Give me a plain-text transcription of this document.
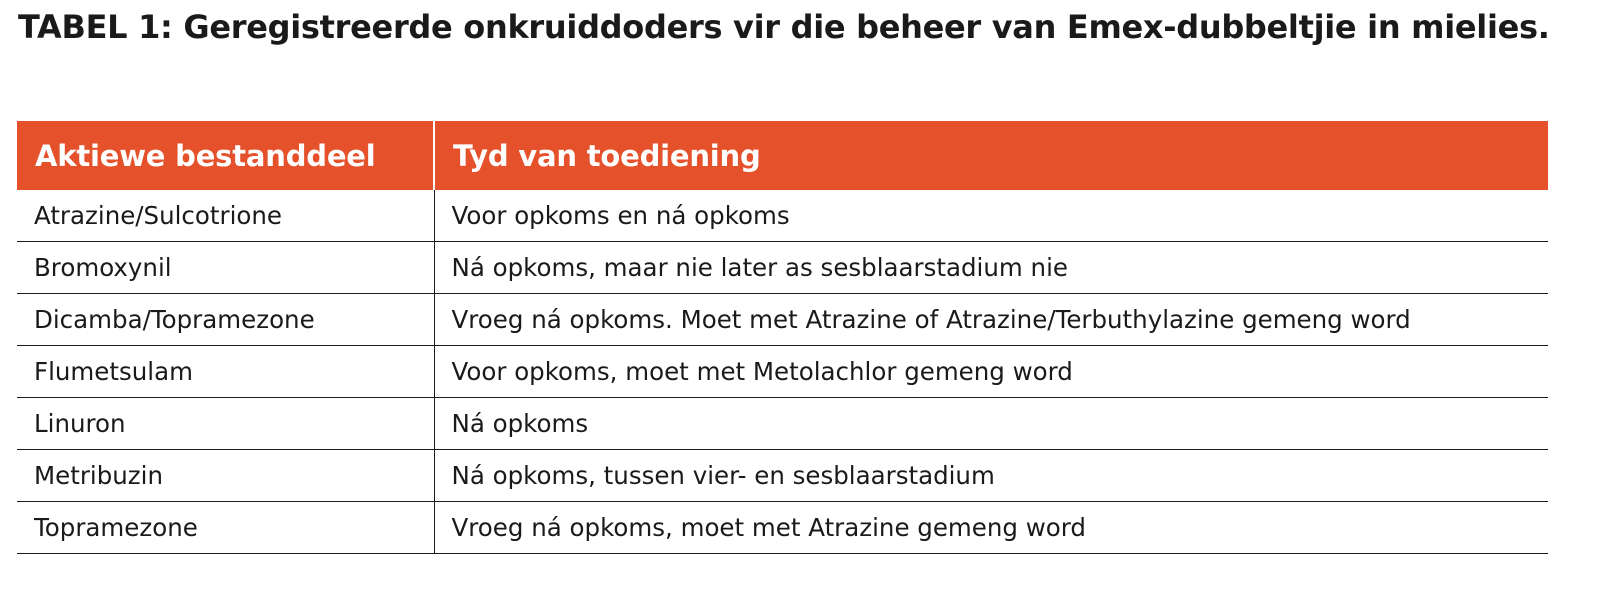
TABEL 1: Geregistreerde onkruiddoders vir die beheer van Emex-dubbeltjie in mielies.
Aktiewe bestanddeel	Tyd van toediening
Atrazine/Sulcotrione	Voor opkoms en ná opkoms
Bromoxynil	Ná opkoms, maar nie later as sesblaarstadium nie
Dicamba/Topramezone	Vroeg ná opkoms. Moet met Atrazine of Atrazine/Terbuthylazine gemeng word
Flumetsulam	Voor opkoms, moet met Metolachlor gemeng word
Linuron	Ná opkoms
Metribuzin	Ná opkoms, tussen vier- en sesblaarstadium
Topramezone	Vroeg ná opkoms, moet met Atrazine gemeng word
